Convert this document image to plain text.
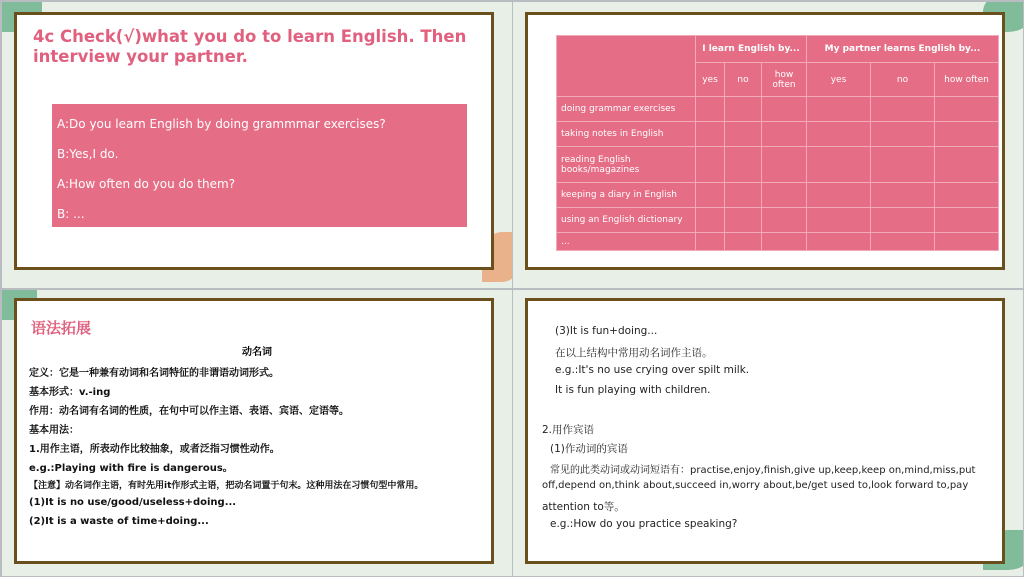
4c Check(√)what you do to learn English. Then interview your partner.
A:Do you learn English by doing grammmar exercises?
B:Yes,I do.
A:How often do you do them?
B: ...
	I learn English by...			My partner learns English by...		
	yes	no	how often	yes	no	how often
doing grammar exercises						
taking notes in English						
reading English books/magazines						
keeping a diary in English						
using an English dictionary						
...						
语法拓展
动名词
定义：它是一种兼有动词和名词特征的非谓语动词形式。
基本形式：v.-ing
作用：动名词有名词的性质，在句中可以作主语、表语、宾语、定语等。
基本用法：
1.用作主语，所表动作比较抽象，或者泛指习惯性动作。
e.g.:Playing with fire is dangerous。
【注意】动名词作主语，有时先用it作形式主语，把动名词置于句末。这种用法在习惯句型中常用。
(1)It is no use/good/useless+doing...
(2)It is a waste of time+doing...
(3)It is fun+doing...
在以上结构中常用动名词作主语。
e.g.:It's no use crying over spilt milk.
It is fun playing with children.
2.用作宾语
(1)作动词的宾语
常见的此类动词或动词短语有：practise,enjoy,finish,give up,keep,keep on,mind,miss,put
off,depend on,think about,succeed in,worry about,be/get used to,look forward to,pay
attention to等。
e.g.:How do you practice speaking?
